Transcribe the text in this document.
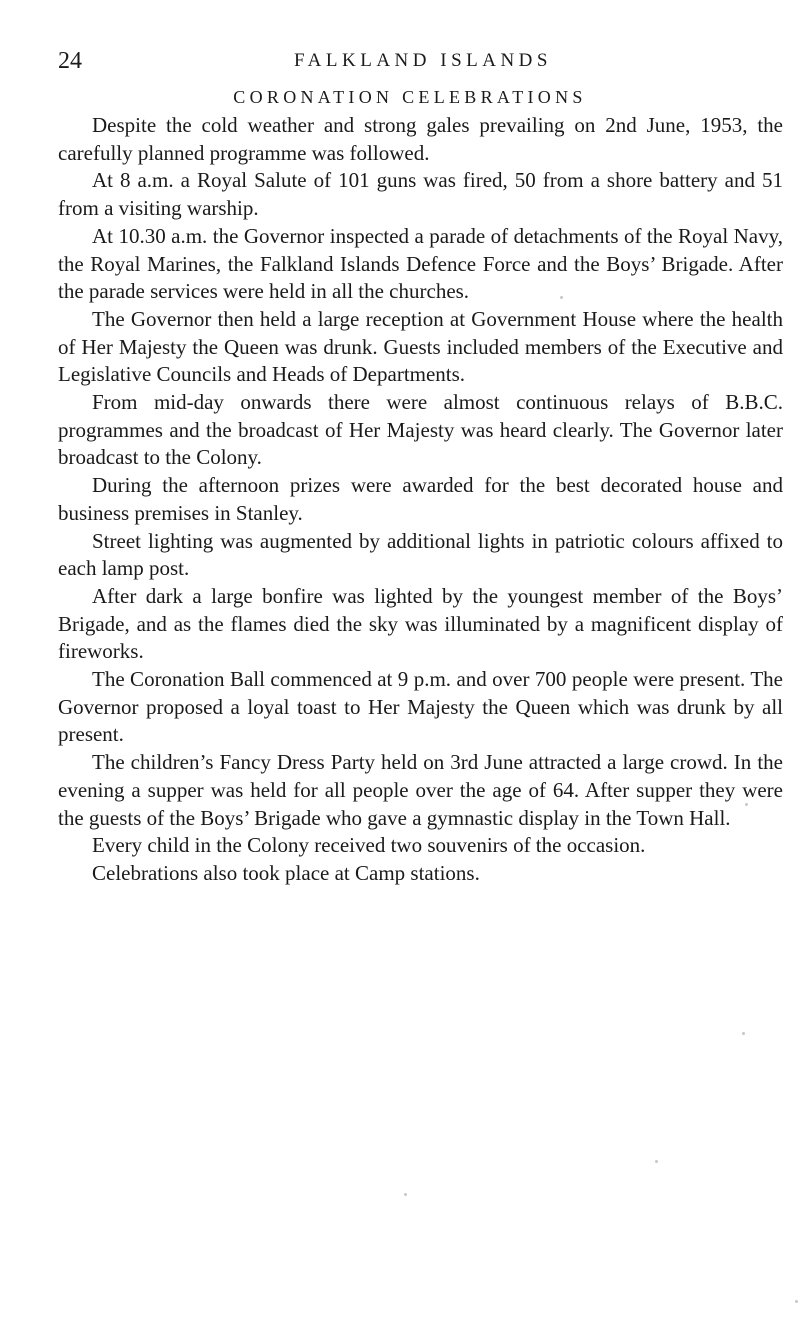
24	FALKLAND ISLANDS
CORONATION CELEBRATIONS

Despite the cold weather and strong gales prevailing on 2nd June, 1953, the carefully planned programme was followed.

At 8 a.m. a Royal Salute of 101 guns was fired, 50 from a shore battery and 51 from a visiting warship.

At 10.30 a.m. the Governor inspected a parade of detachments of the Royal Navy, the Royal Marines, the Falkland Islands Defence Force and the Boys’ Brigade. After the parade services were held in all the churches.

The Governor then held a large reception at Government House where the health of Her Majesty the Queen was drunk. Guests included members of the Executive and Legislative Councils and Heads of Departments.

From mid-day onwards there were almost continuous relays of B.B.C. programmes and the broadcast of Her Majesty was heard clearly. The Governor later broadcast to the Colony.

During the afternoon prizes were awarded for the best decorated house and business premises in Stanley.

Street lighting was augmented by additional lights in patriotic colours affixed to each lamp post.

After dark a large bonfire was lighted by the youngest member of the Boys’ Brigade, and as the flames died the sky was illuminated by a magnificent display of fireworks.

The Coronation Ball commenced at 9 p.m. and over 700 people were present. The Governor proposed a loyal toast to Her Majesty the Queen which was drunk by all present.

The children’s Fancy Dress Party held on 3rd June attracted a large crowd. In the evening a supper was held for all people over the age of 64. After supper they were the guests of the Boys’ Brigade who gave a gymnastic display in the Town Hall.

Every child in the Colony received two souvenirs of the occasion.

Celebrations also took place at Camp stations.
